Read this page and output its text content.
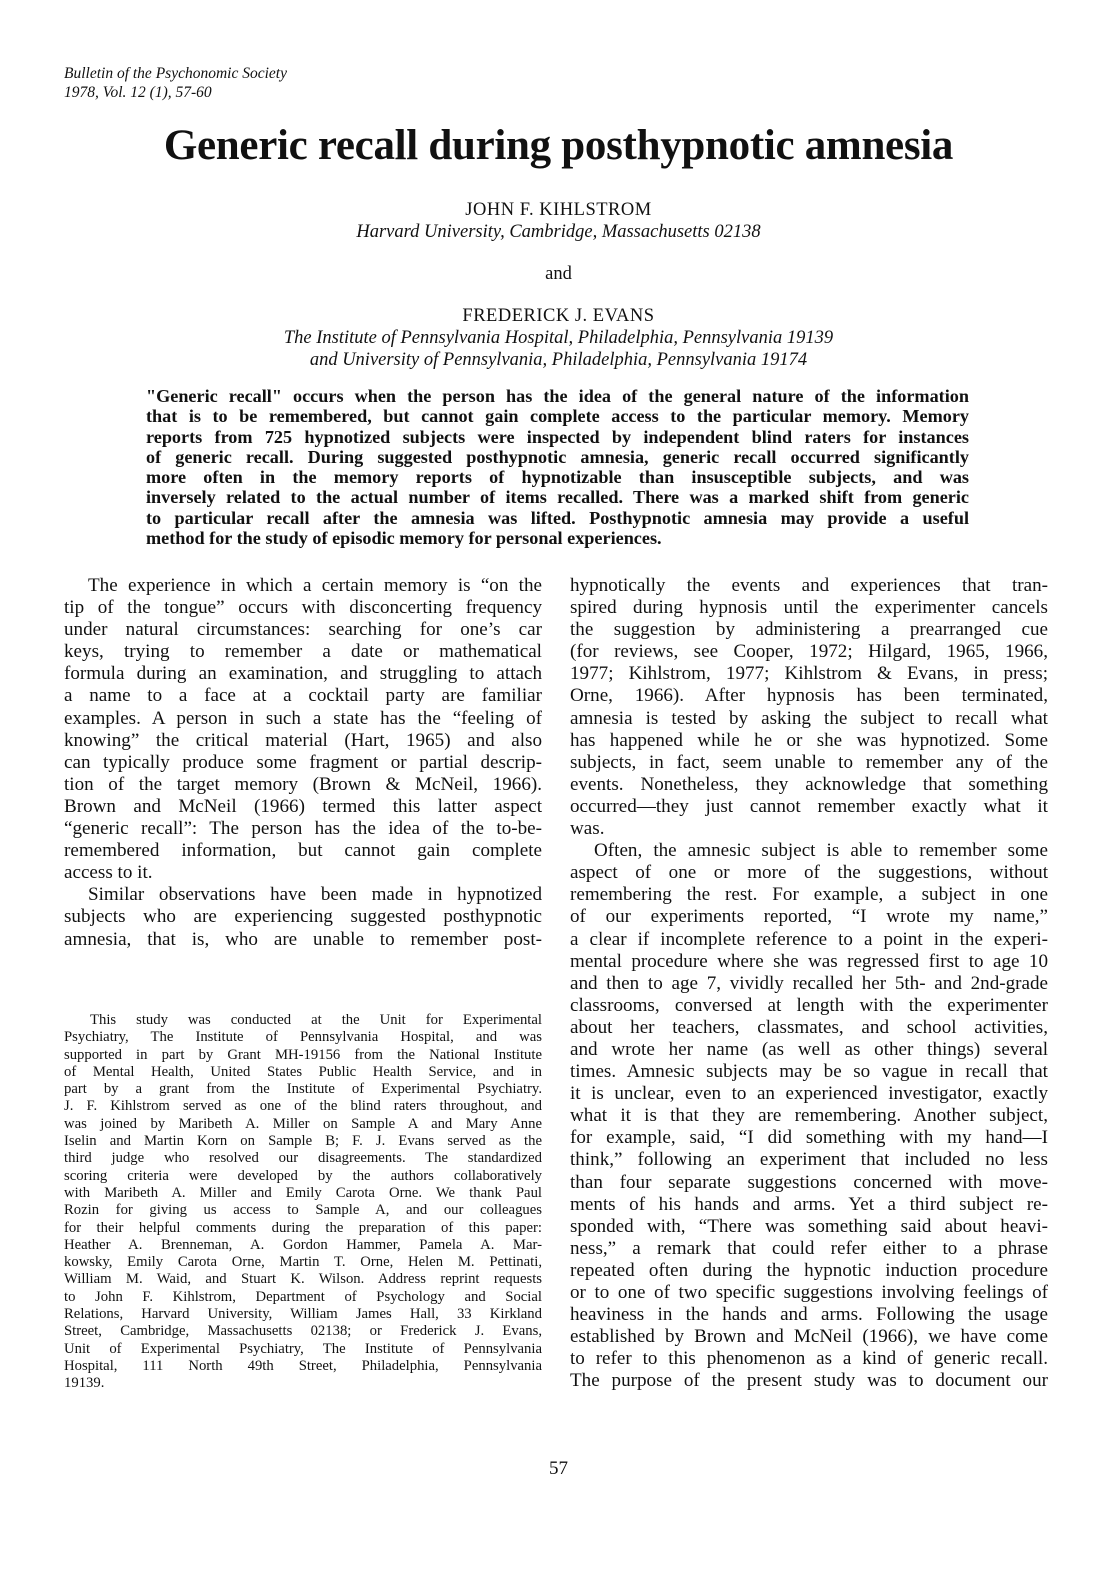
Bulletin of the Psychonomic Society
1978, Vol. 12 (1), 57-60
Generic recall during posthypnotic amnesia
JOHN F. KIHLSTROM
Harvard University, Cambridge, Massachusetts 02138
and
FREDERICK J. EVANS
The Institute of Pennsylvania Hospital, Philadelphia, Pennsylvania 19139
and University of Pennsylvania, Philadelphia, Pennsylvania 19174
"Generic recall" occurs when the person has the idea of the general nature of the information
that is to be remembered, but cannot gain complete access to the particular memory. Memory
reports from 725 hypnotized subjects were inspected by independent blind raters for instances
of generic recall. During suggested posthypnotic amnesia, generic recall occurred significantly
more often in the memory reports of hypnotizable than insusceptible subjects, and was
inversely related to the actual number of items recalled. There was a marked shift from generic
to particular recall after the amnesia was lifted. Posthypnotic amnesia may provide a useful
method for the study of episodic memory for personal experiences.
The experience in which a certain memory is “on the
tip of the tongue” occurs with disconcerting frequency
under natural circumstances: searching for one’s car
keys, trying to remember a date or mathematical
formula during an examination, and struggling to attach
a name to a face at a cocktail party are familiar
examples. A person in such a state has the “feeling of
knowing” the critical material (Hart, 1965) and also
can typically produce some fragment or partial descrip-
tion of the target memory (Brown & McNeil, 1966).
Brown and McNeil (1966) termed this latter aspect
“generic recall”: The person has the idea of the to-be-
remembered information, but cannot gain complete
access to it.
Similar observations have been made in hypnotized
subjects who are experiencing suggested posthypnotic
amnesia, that is, who are unable to remember post-
This study was conducted at the Unit for Experimental
Psychiatry, The Institute of Pennsylvania Hospital, and was
supported in part by Grant MH-19156 from the National Institute
of Mental Health, United States Public Health Service, and in
part by a grant from the Institute of Experimental Psychiatry.
J. F. Kihlstrom served as one of the blind raters throughout, and
was joined by Maribeth A. Miller on Sample A and Mary Anne
Iselin and Martin Korn on Sample B; F. J. Evans served as the
third judge who resolved our disagreements. The standardized
scoring criteria were developed by the authors collaboratively
with Maribeth A. Miller and Emily Carota Orne. We thank Paul
Rozin for giving us access to Sample A, and our colleagues
for their helpful comments during the preparation of this paper:
Heather A. Brenneman, A. Gordon Hammer, Pamela A. Mar-
kowsky, Emily Carota Orne, Martin T. Orne, Helen M. Pettinati,
William M. Waid, and Stuart K. Wilson. Address reprint requests
to John F. Kihlstrom, Department of Psychology and Social
Relations, Harvard University, William James Hall, 33 Kirkland
Street, Cambridge, Massachusetts 02138; or Frederick J. Evans,
Unit of Experimental Psychiatry, The Institute of Pennsylvania
Hospital, 111 North 49th Street, Philadelphia, Pennsylvania
19139.
hypnotically the events and experiences that tran-
spired during hypnosis until the experimenter cancels
the suggestion by administering a prearranged cue
(for reviews, see Cooper, 1972; Hilgard, 1965, 1966,
1977; Kihlstrom, 1977; Kihlstrom & Evans, in press;
Orne, 1966). After hypnosis has been terminated,
amnesia is tested by asking the subject to recall what
has happened while he or she was hypnotized. Some
subjects, in fact, seem unable to remember any of the
events. Nonetheless, they acknowledge that something
occurred—they just cannot remember exactly what it
was.
Often, the amnesic subject is able to remember some
aspect of one or more of the suggestions, without
remembering the rest. For example, a subject in one
of our experiments reported, “I wrote my name,”
a clear if incomplete reference to a point in the experi-
mental procedure where she was regressed first to age 10
and then to age 7, vividly recalled her 5th- and 2nd-grade
classrooms, conversed at length with the experimenter
about her teachers, classmates, and school activities,
and wrote her name (as well as other things) several
times. Amnesic subjects may be so vague in recall that
it is unclear, even to an experienced investigator, exactly
what it is that they are remembering. Another subject,
for example, said, “I did something with my hand—I
think,” following an experiment that included no less
than four separate suggestions concerned with move-
ments of his hands and arms. Yet a third subject re-
sponded with, “There was something said about heavi-
ness,” a remark that could refer either to a phrase
repeated often during the hypnotic induction procedure
or to one of two specific suggestions involving feelings of
heaviness in the hands and arms. Following the usage
established by Brown and McNeil (1966), we have come
to refer to this phenomenon as a kind of generic recall.
The purpose of the present study was to document our
57
